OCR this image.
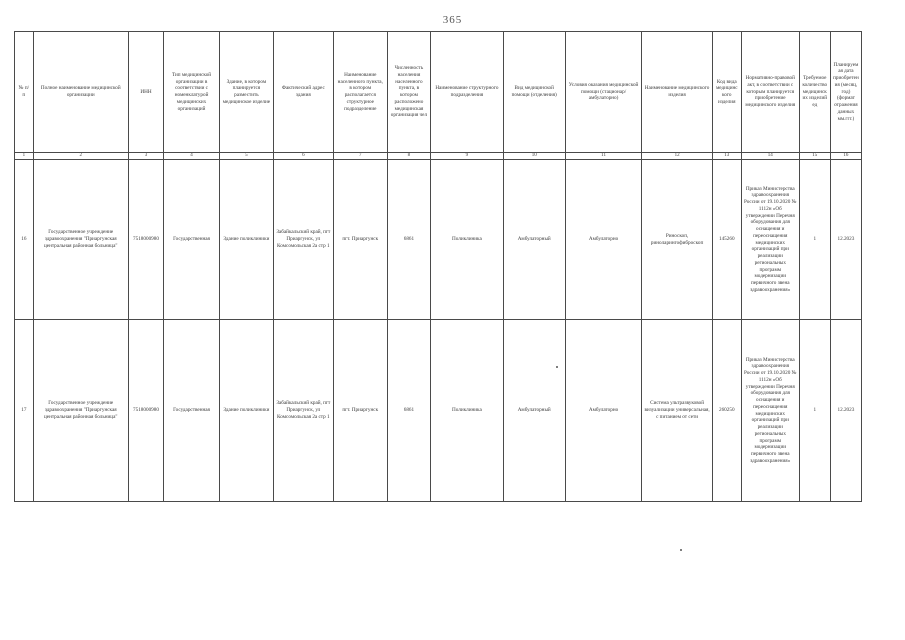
365
№ п/ п	Полное наименование медицинской организации	ИНН	Тип медицинской организации в соответствии с номенклатурой медицинских организаций	Здание, в котором планируется разместить медицинское изделие	Фактический адрес здания	Наименование населенного пункта, в котором располагается структурное подразделение	Численность населения населенного пункта, в котором расположено медицинская организация чел	Наименование структурного подразделения	Вид медицинской помощи (отделения)	Условия оказания медицинской помощи (стационар/амбулаторно)	Наименование медицинского изделия	Код вида медицинского изделия	Нормативно-правовой акт, в соответствии с которым планируется приобретение медицинского изделия	Требуемое количество медицинских изделий ед	Планируемая дата приобретения (месяц, год) (формат отражения данных мм.ггг.)
1	2	3	4	5	6	7	8	9	10	11	12	13	14	15	16
16	Государственное учреждение здравоохранения "Приаргунская центральная районная больница"	7518000980	Государственная	Здание поликлиники	Забайкальский край, пгт Приаргунск, ул Комсомольская 2а стр 1	пгт. Приаргунск	6861	Поликлиника	Амбулаторный	Амбулаторно	Риноскоп, риноларингофиброскоп	145260	Приказ Министерства здравоохранения России от 19.10.2020 № 1112н «Об утверждении Перечня оборудования для оснащения и переоснащения медицинских организаций при реализации региональных программ модернизации первичного звена здравоохранения»	1	12.2023
17	Государственное учреждение здравоохранения "Приаргунская центральная районная больница"	7518000980	Государственная	Здание поликлиники	Забайкальский край, пгт Приаргунск, ул Комсомольская 2а стр 1	пгт. Приаргунск	6861	Поликлиника	Амбулаторный	Амбулаторно	Система ультразвуковой визуализации универсальная, с питанием от сети	260250	Приказ Министерства здравоохранения России от 19.10.2020 № 1112н «Об утверждении Перечня оборудования для оснащения и переоснащения медицинских организаций при реализации региональных программ модернизации первичного звена здравоохранения»	1	12.2023
